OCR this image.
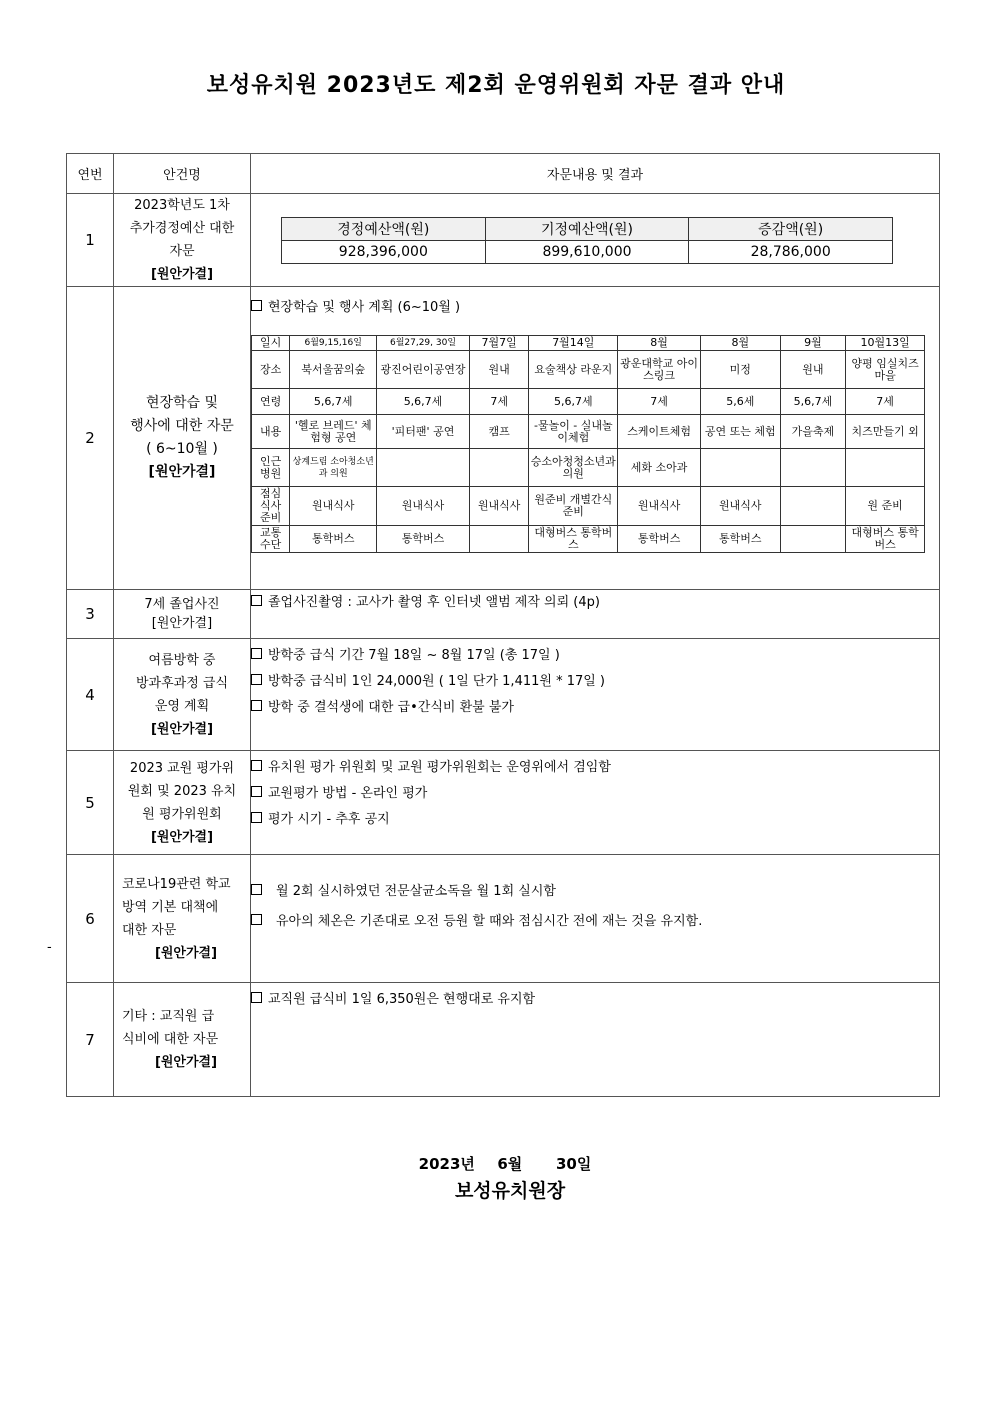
보성유치원 2023년도 제2회 운영위원회 자문 결과 안내
연번	안건명	자문내용 및 결과
1	2023학년도 1차
추가경정예산 대한
자문
[원안가결]

경정예산액(원)	기정예산액(원)	증감액(원)
928,396,000	899,610,000	28,786,000

2	현장학습 및
행사에 대한 자문
( 6~10월 )
[원안가결]

현장학습 및 행사 계획 (6~10월 )
일시	6월9,15,16일	6월27,29, 30일	7월7일	7월14일	8월	8월	9월	10월13일
장소	북서울꿈의숲	광진어린이공연장	원내	요술책상 라운지	광운대학교 아이스링크	미정	원내	양평 임실치즈마을
연령	5,6,7세	5,6,7세	7세	5,6,7세	7세	5,6세	5,6,7세	7세
내용	'헬로 브레드' 체험형 공연	'피터팬' 공연	캠프	-물놀이 - 실내놀이체험	스케이트체험	공연 또는 체험	가을축제	치즈만들기 외
인근 병원	상계드림 소아청소년과 의원			승소아청청소년과의원	세화 소아과			
점심 식사 준비	원내식사	원내식사	원내식사	원준비 개별간식준비	원내식사	원내식사		원 준비
교통 수단	통학버스	통학버스		대형버스 통학버스	통학버스	통학버스		대형버스 통학버스

3	7세 졸업사진
[원안가결]	
졸업사진촬영 : 교사가 촬영 후 인터넷 앨범 제작 의뢰 (4p)

4	여름방학 중
방과후과정 급식
운영 계획
[원안가결]

방학중 급식 기간 7월 18일 ~ 8월 17일 (총 17일 )
방학중 급식비 1인 24,000원 ( 1일 단가 1,411원 * 17일 )
방학 중 결석생에 대한 급•간식비 환불 불가

5	2023 교원 평가위
원회 및 2023 유치
원 평가위원회
[원안가결]

유치원 평가 위원회 및 교원 평가위원회는 운영위에서 겸임함
교원평가 방법 - 온라인 평가
평가 시기 - 추후 공지

6	코로나19관련 학교
방역 기본 대책에
대한 자문
[원안가결]

월 2회 실시하였던 전문살균소독을 월 1회 실시함
유아의 체온은 기존대로 오전 등원 할 때와 점심시간 전에 재는 것을 유지함.

7	기타 : 교직원 급
식비에 대한 자문
[원안가결]

교직원 급식비 1일 6,350원은 현행대로 유지함
-
2023년  6월   30일
보성유치원장
